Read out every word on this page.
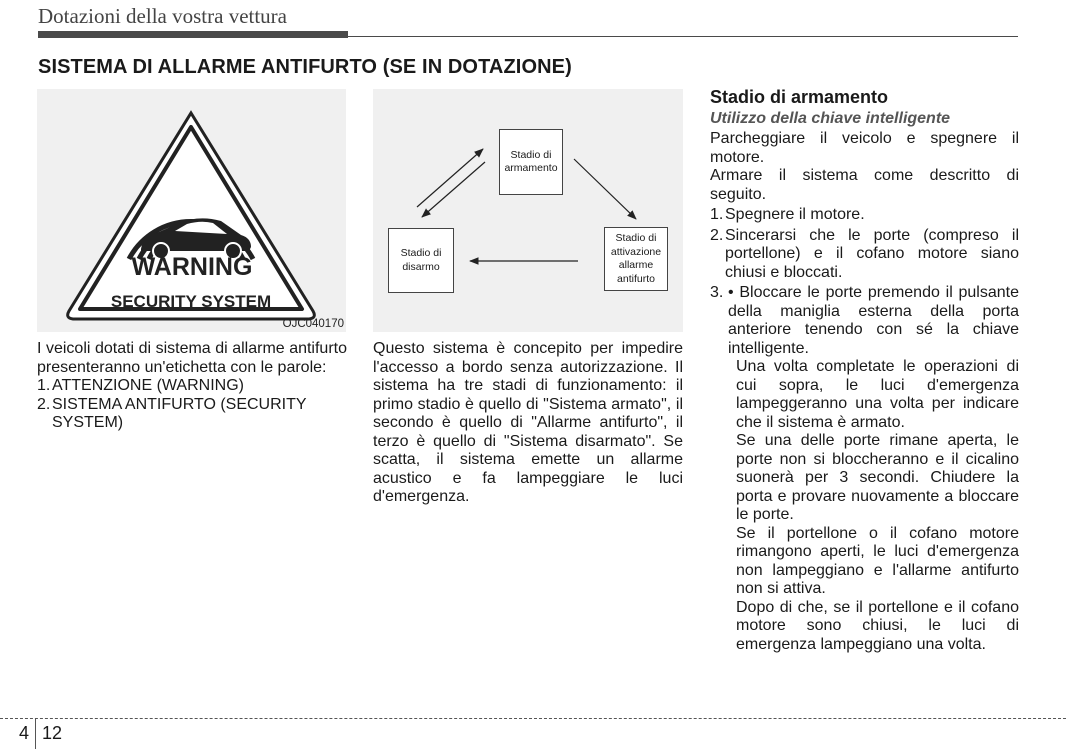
Dotazioni della vostra vettura
SISTEMA DI ALLARME ANTIFURTO (SE IN DOTAZIONE)
WARNING
SECURITY SYSTEM
OJC040170
Stadio di
armamento
Stadio di
attivazione
allarme
antifurto
Stadio di
disarmo

I veicoli dotati di sistema di allarme antifurto presenteranno un'etichetta con le parole:

1. ATTENZIONE (WARNING)
2. SISTEMA ANTIFURTO (SECURITY SYSTEM)

Questo sistema è concepito per impedire l'accesso a bordo senza autorizzazione. Il sistema ha tre stadi di funzionamento: il primo stadio è quello di "Sistema armato", il secondo è quello di "Allarme antifurto", il terzo è quello di "Sistema disarmato". Se scatta, il sistema emette un allarme acustico e fa lampeggiare le luci d'emergenza.

Stadio di armamento
Utilizzo della chiave intelligente

Parcheggiare il veicolo e spegnere il motore.

Armare il sistema come descritto di seguito.

1. Spegnere il motore.
2. Sincerarsi che le porte (compreso il portellone) e il cofano motore siano chiusi e bloccati.
3. • Bloccare le porte premendo il pulsante della maniglia esterna della porta anteriore tenendo con sé la chiave intelligente.

Una volta completate le operazioni di cui sopra, le luci d'emergenza lampeggeranno una volta per indicare che il sistema è armato.

Se una delle porte rimane aperta, le porte non si bloccheranno e il cicalino suonerà per 3 secondi. Chiudere la porta e provare nuovamente a bloccare le porte.

Se il portellone o il cofano motore rimangono aperti, le luci d'emergenza non lampeggiano e l'allarme antifurto non si attiva.

Dopo di che, se il portellone e il cofano motore sono chiusi, le luci di emergenza lampeggiano una volta.

4 12
